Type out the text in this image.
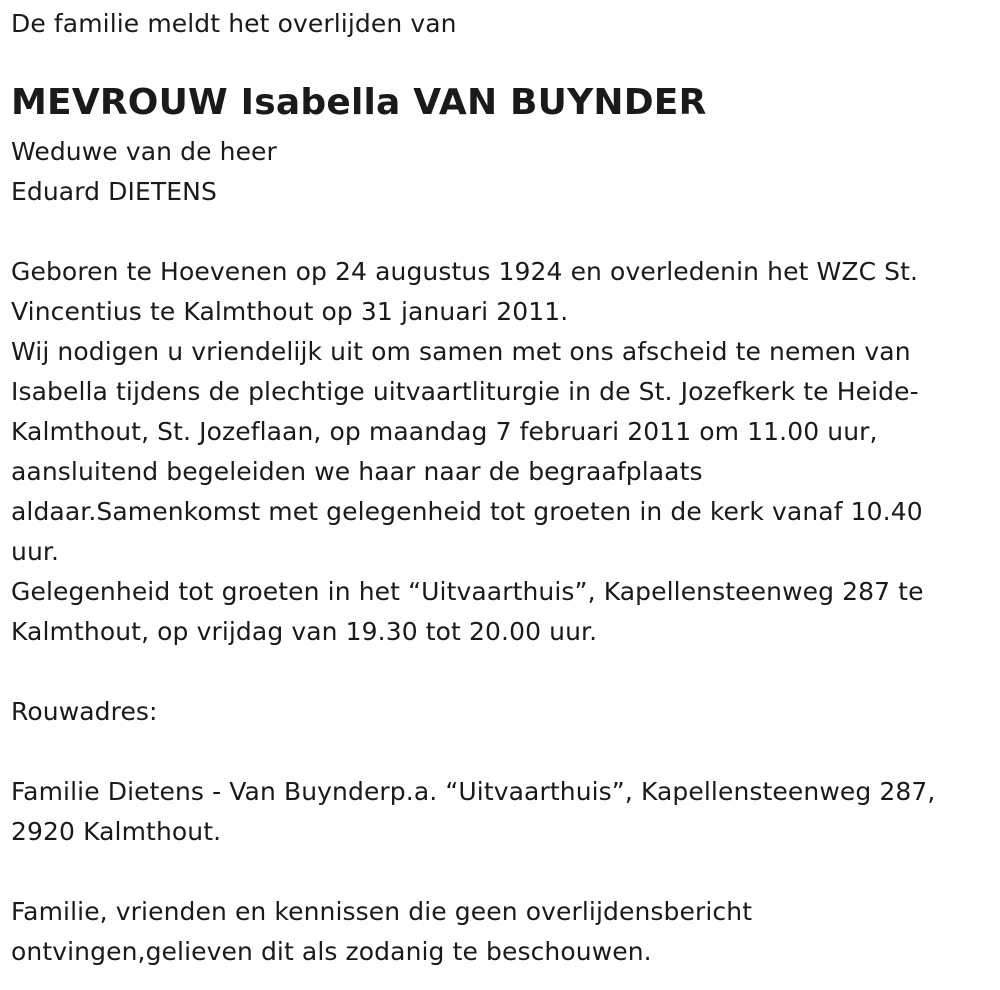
De familie meldt het overlijden van
MEVROUW Isabella VAN BUYNDER
Weduwe van de heer
Eduard DIETENS
Geboren te Hoevenen op 24 augustus 1924 en overledenin het WZC St.
Vincentius te Kalmthout op 31 januari 2011.
Wij nodigen u vriendelijk uit om samen met ons afscheid te nemen van
Isabella tijdens de plechtige uitvaartliturgie in de St. Jozefkerk te Heide-
Kalmthout, St. Jozeflaan, op maandag 7 februari 2011 om 11.00 uur,
aansluitend begeleiden we haar naar de begraafplaats
aldaar.Samenkomst met gelegenheid tot groeten in de kerk vanaf 10.40
uur.
Gelegenheid tot groeten in het “Uitvaarthuis”, Kapellensteenweg 287 te
Kalmthout, op vrijdag van 19.30 tot 20.00 uur.
Rouwadres:
Familie Dietens - Van Buynderp.a. “Uitvaarthuis”, Kapellensteenweg 287,
2920 Kalmthout.
Familie, vrienden en kennissen die geen overlijdensbericht
ontvingen,gelieven dit als zodanig te beschouwen.
